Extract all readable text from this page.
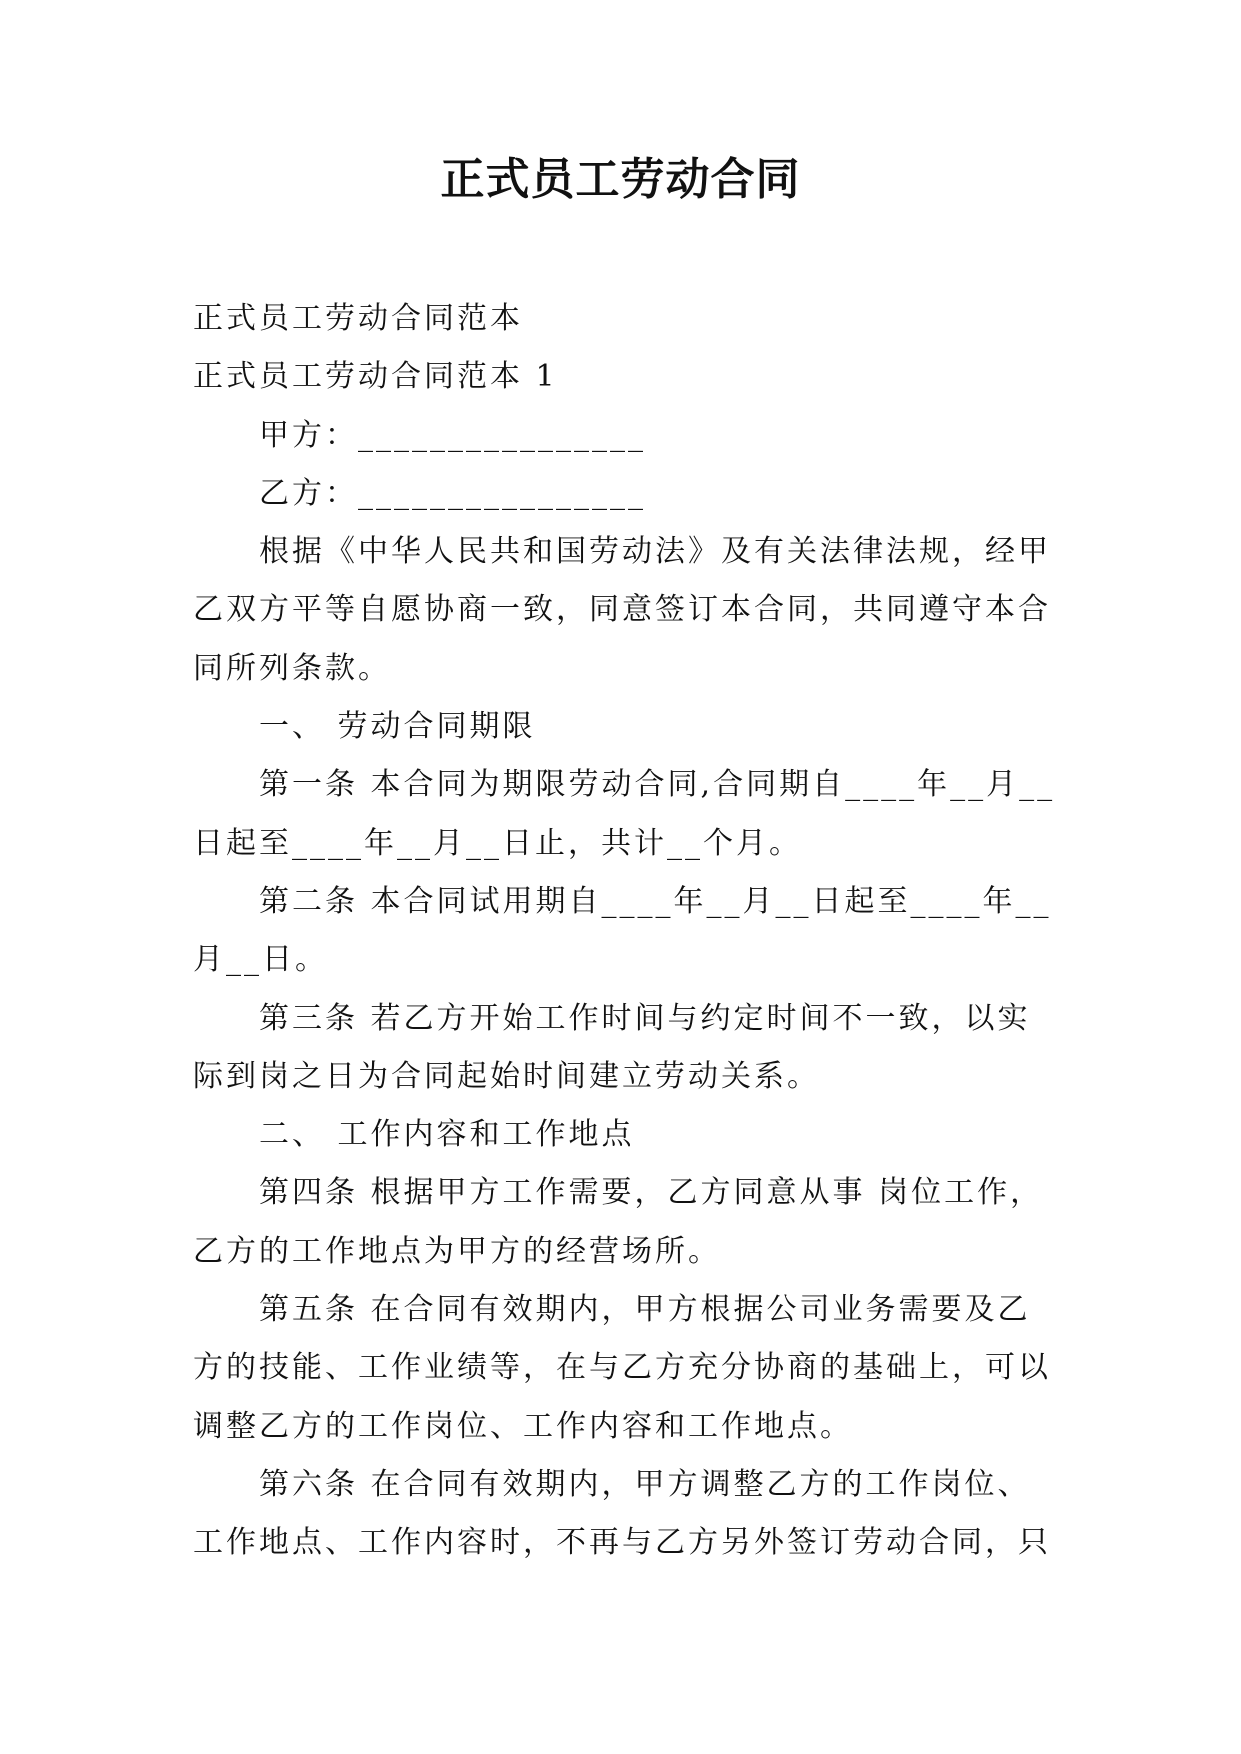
正式员工劳动合同

正式员工劳动合同范本

正式员工劳动合同范本 1

甲方：________________

乙方：________________

根据《中华人民共和国劳动法》及有关法律法规，经甲

乙双方平等自愿协商一致，同意签订本合同，共同遵守本合

同所列条款。

一、 劳动合同期限

第一条 本合同为期限劳动合同,合同期自____年__月__

日起至____年__月__日止，共计__个月。

第二条 本合同试用期自____年__月__日起至____年__

月__日。

第三条 若乙方开始工作时间与约定时间不一致，以实

际到岗之日为合同起始时间建立劳动关系。

二、 工作内容和工作地点

第四条 根据甲方工作需要，乙方同意从事 岗位工作，

乙方的工作地点为甲方的经营场所。

第五条 在合同有效期内，甲方根据公司业务需要及乙

方的技能、工作业绩等，在与乙方充分协商的基础上，可以

调整乙方的工作岗位、工作内容和工作地点。

第六条 在合同有效期内，甲方调整乙方的工作岗位、

工作地点、工作内容时，不再与乙方另外签订劳动合同，只
